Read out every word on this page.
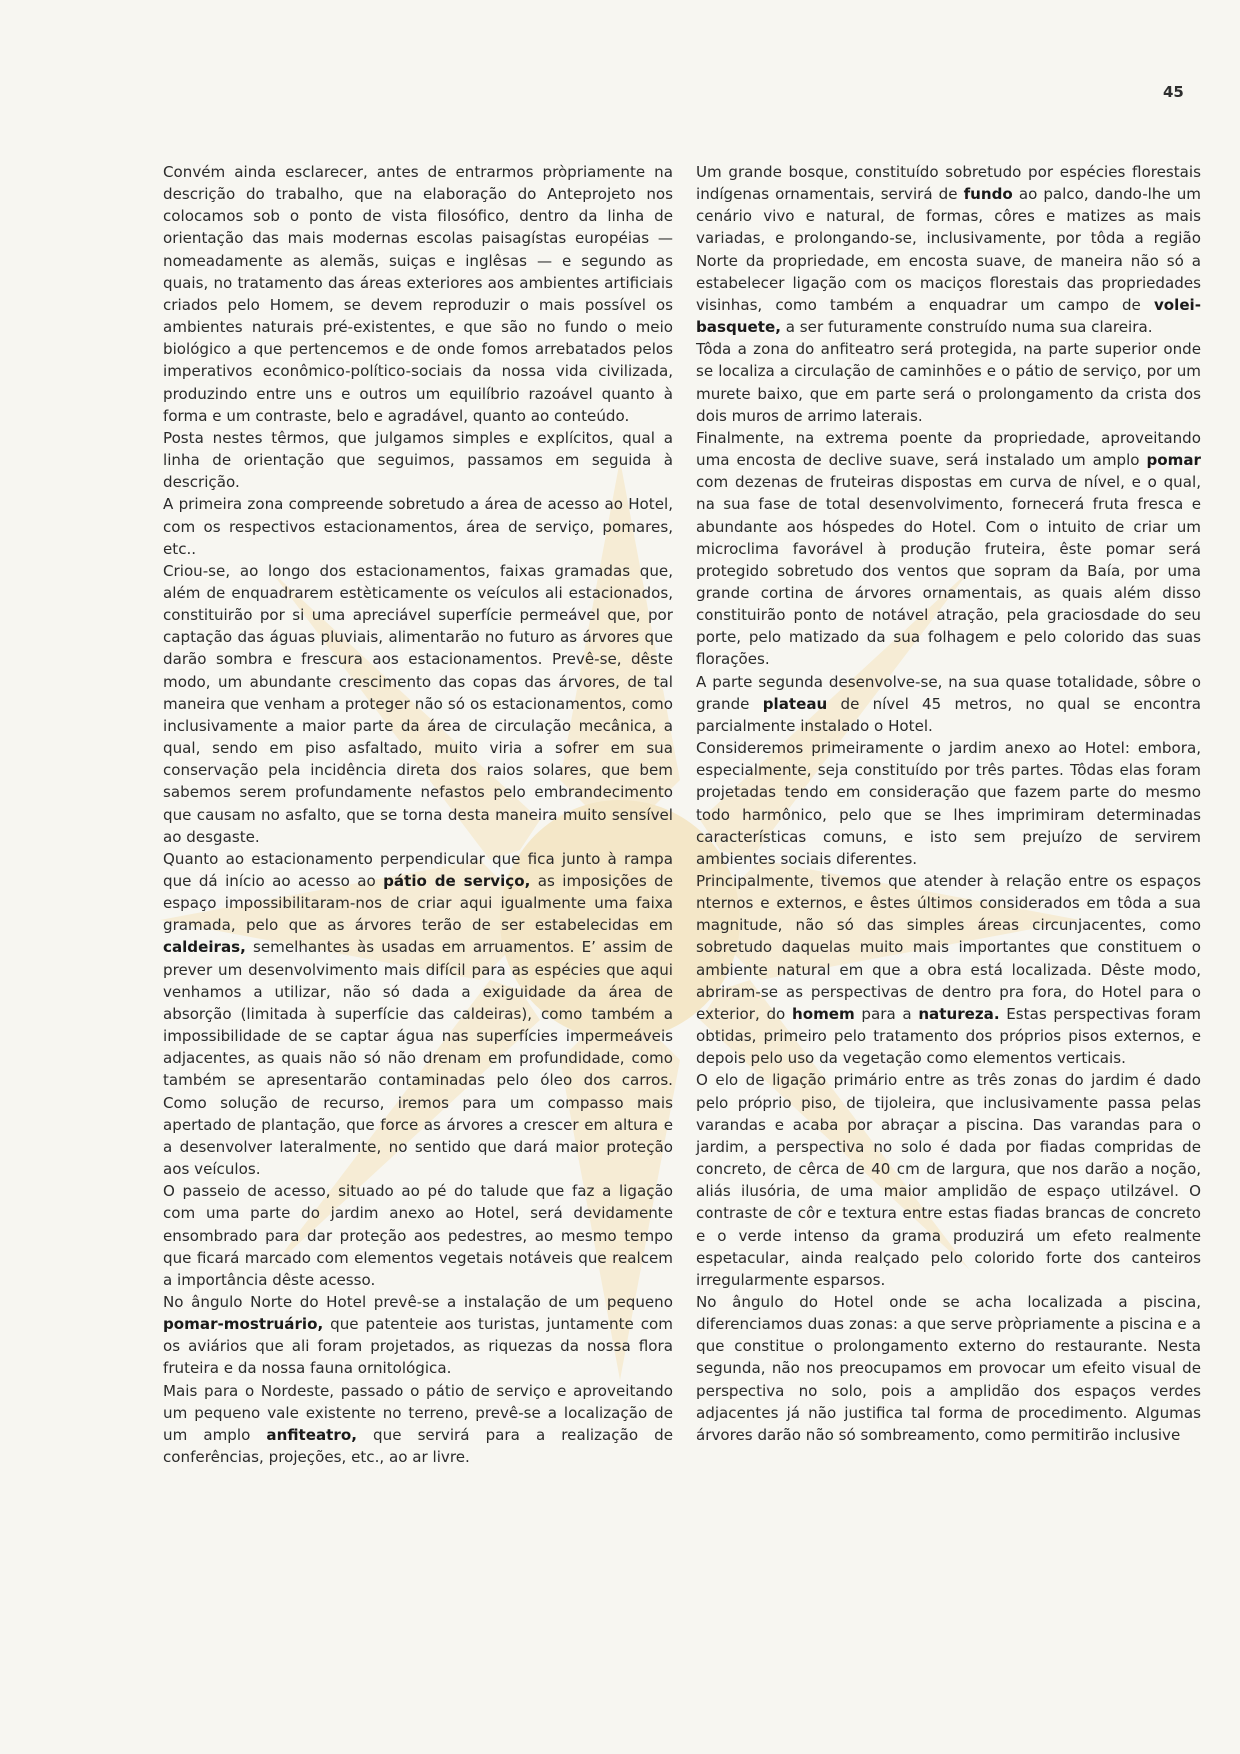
45

Convém ainda esclarecer, antes de entrarmos pròpriamente na descrição do trabalho, que na elaboração do Anteprojeto nos colocamos sob o ponto de vista filosófico, dentro da linha de orientação das mais modernas escolas paisagístas européias — nomeadamente as alemãs, suiças e inglêsas — e segundo as quais, no tratamento das áreas exteriores aos ambientes artificiais criados pelo Homem, se devem reproduzir o mais possível os ambientes naturais pré-existentes, e que são no fundo o meio biológico a que pertencemos e de onde fomos arrebatados pelos imperativos econômico-político-sociais da nossa vida civilizada, produzindo entre uns e outros um equilíbrio razoável quanto à forma e um contraste, belo e agradável, quanto ao conteúdo.

Posta nestes têrmos, que julgamos simples e explícitos, qual a linha de orientação que seguimos, passamos em seguida à descrição.

A primeira zona compreende sobretudo a área de acesso ao Hotel, com os respectivos estacionamentos, área de serviço, pomares, etc..

Criou-se, ao longo dos estacionamentos, faixas gramadas que, além de enquadrarem estèticamente os veículos ali estacionados, constituirão por si uma apreciável superfície permeável que, por captação das águas pluviais, alimentarão no futuro as árvores que darão sombra e frescura aos estacionamentos. Prevê-se, dêste modo, um abundante crescimento das copas das árvores, de tal maneira que venham a proteger não só os estacionamentos, como inclusivamente a maior parte da área de circulação mecânica, a qual, sendo em piso asfaltado, muito viria a sofrer em sua conservação pela incidência direta dos raios solares, que bem sabemos serem profundamente nefastos pelo embrandecimento que causam no asfalto, que se torna desta maneira muito sensível ao desgaste.

Quanto ao estacionamento perpendicular que fica junto à rampa que dá início ao acesso ao pátio de serviço, as imposições de espaço impossibilitaram-nos de criar aqui igualmente uma faixa gramada, pelo que as árvores terão de ser estabelecidas em caldeiras, semelhantes às usadas em arruamentos. E’ assim de prever um desenvolvimento mais difícil para as espécies que aqui venhamos a utilizar, não só dada a exiguidade da área de absorção (limitada à superfície das caldeiras), como também a impossibilidade de se captar água nas superfícies impermeáveis adjacentes, as quais não só não drenam em profundidade, como também se apresentarão contaminadas pelo óleo dos carros. Como solução de recurso, iremos para um compasso mais apertado de plantação, que force as árvores a crescer em altura e a desenvolver lateralmente, no sentido que dará maior proteção aos veículos.

O passeio de acesso, situado ao pé do talude que faz a ligação com uma parte do jardim anexo ao Hotel, será devidamente ensombrado para dar proteção aos pedestres, ao mesmo tempo que ficará marcado com elementos vegetais notáveis que realcem a importância dêste acesso.

No ângulo Norte do Hotel prevê-se a instalação de um pequeno pomar-mostruário, que patenteie aos turistas, juntamente com os aviários que ali foram projetados, as riquezas da nossa flora fruteira e da nossa fauna ornitológica.

Mais para o Nordeste, passado o pátio de serviço e aproveitando um pequeno vale existente no terreno, prevê-se a localização de um amplo anfiteatro, que servirá para a realização de conferências, projeções, etc., ao ar livre.

Um grande bosque, constituído sobretudo por espécies florestais indígenas ornamentais, servirá de fundo ao palco, dando-lhe um cenário vivo e natural, de formas, côres e matizes as mais variadas, e prolongando-se, inclusivamente, por tôda a região Norte da propriedade, em encosta suave, de maneira não só a estabelecer ligação com os maciços florestais das propriedades visinhas, como também a enquadrar um campo de volei-basquete, a ser futuramente construído numa sua clareira.

Tôda a zona do anfiteatro será protegida, na parte superior onde se localiza a circulação de caminhões e o pátio de serviço, por um murete baixo, que em parte será o prolongamento da crista dos dois muros de arrimo laterais.

Finalmente, na extrema poente da propriedade, aproveitando uma encosta de declive suave, será instalado um amplo pomar com dezenas de fruteiras dispostas em curva de nível, e o qual, na sua fase de total desenvolvimento, fornecerá fruta fresca e abundante aos hóspedes do Hotel. Com o intuito de criar um microclima favorável à produção fruteira, êste pomar será protegido sobretudo dos ventos que sopram da Baía, por uma grande cortina de árvores ornamentais, as quais além disso constituirão ponto de notável atração, pela graciosdade do seu porte, pelo matizado da sua folhagem e pelo colorido das suas florações.

A parte segunda desenvolve-se, na sua quase totalidade, sôbre o grande plateau de nível 45 metros, no qual se encontra parcialmente instalado o Hotel.

Consideremos primeiramente o jardim anexo ao Hotel: embora, especialmente, seja constituído por três partes. Tôdas elas foram projetadas tendo em consideração que fazem parte do mesmo todo harmônico, pelo que se lhes imprimiram determinadas características comuns, e isto sem prejuízo de servirem ambientes sociais diferentes.

Principalmente, tivemos que atender à relação entre os espaços nternos e externos, e êstes últimos considerados em tôda a sua magnitude, não só das simples áreas circunjacentes, como sobretudo daquelas muito mais importantes que constituem o ambiente natural em que a obra está localizada. Dêste modo, abriram-se as perspectivas de dentro pra fora, do Hotel para o exterior, do homem para a natureza. Estas perspectivas foram obtidas, primeiro pelo tratamento dos próprios pisos externos, e depois pelo uso da vegetação como elementos verticais.

O elo de ligação primário entre as três zonas do jardim é dado pelo próprio piso, de tijoleira, que inclusivamente passa pelas varandas e acaba por abraçar a piscina. Das varandas para o jardim, a perspectiva no solo é dada por fiadas compridas de concreto, de cêrca de 40 cm de largura, que nos darão a noção, aliás ilusória, de uma maior amplidão de espaço utilzável. O contraste de côr e textura entre estas fiadas brancas de concreto e o verde intenso da grama produzirá um efeto realmente espetacular, ainda realçado pelo colorido forte dos canteiros irregularmente esparsos.

No ângulo do Hotel onde se acha localizada a piscina, diferenciamos duas zonas: a que serve pròpriamente a piscina e a que constitue o prolongamento externo do restaurante. Nesta segunda, não nos preocupamos em provocar um efeito visual de perspectiva no solo, pois a amplidão dos espaços verdes adjacentes já não justifica tal forma de procedimento. Algumas árvores darão não só sombreamento, como permitirão inclusive
